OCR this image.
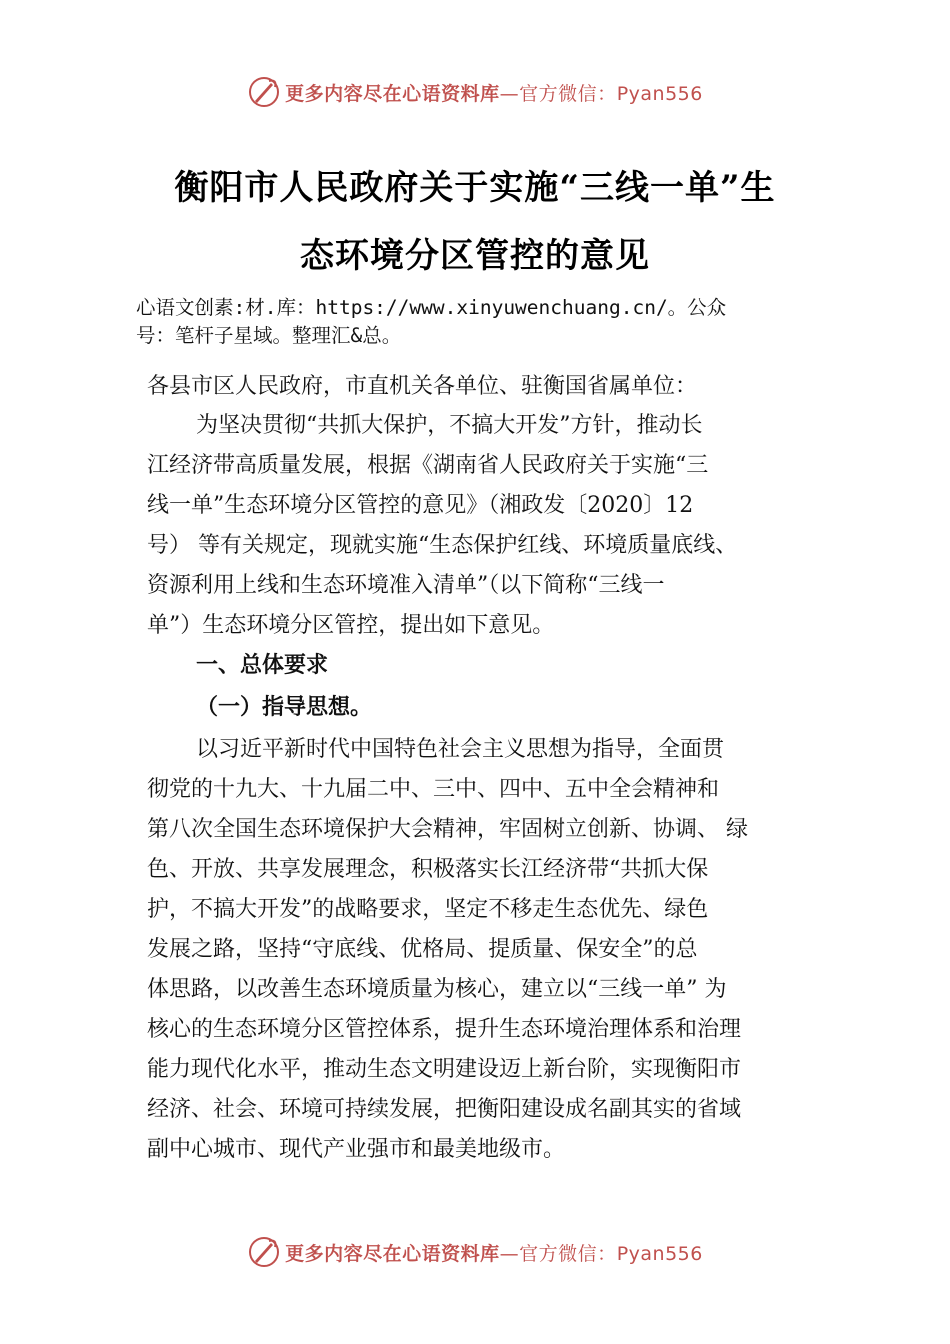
更多内容尽在心语资料库—官方微信：Pyan556
衡阳市人民政府关于实施“三线一单”生
态环境分区管控的意见
心语文创素:材.库：https://www.xinyuwenchuang.cn/。公众
号：笔杆子星域。整理汇&总。
各县市区人民政府，市直机关各单位、驻衡国省属单位：
为坚决贯彻“共抓大保护，不搞大开发”方针，推动长
江经济带高质量发展，根据《湖南省人民政府关于实施“三
线一单”生态环境分区管控的意见》（湘政发〔2020〕12
号） 等有关规定，现就实施“生态保护红线、环境质量底线、
资源利用上线和生态环境准入清单”（以下简称“三线一
单”）生态环境分区管控，提出如下意见。
一、总体要求
（一）指导思想。
以习近平新时代中国特色社会主义思想为指导，全面贯
彻党的十九大、十九届二中、三中、四中、五中全会精神和
第八次全国生态环境保护大会精神，牢固树立创新、协调、 绿
色、开放、共享发展理念，积极落实长江经济带“共抓大保
护，不搞大开发”的战略要求，坚定不移走生态优先、绿色
发展之路，坚持“守底线、优格局、提质量、保安全”的总
体思路，以改善生态环境质量为核心，建立以“三线一单” 为
核心的生态环境分区管控体系，提升生态环境治理体系和治理
能力现代化水平，推动生态文明建设迈上新台阶，实现衡阳市
经济、社会、环境可持续发展，把衡阳建设成名副其实的省域
副中心城市、现代产业强市和最美地级市。
更多内容尽在心语资料库—官方微信：Pyan556
